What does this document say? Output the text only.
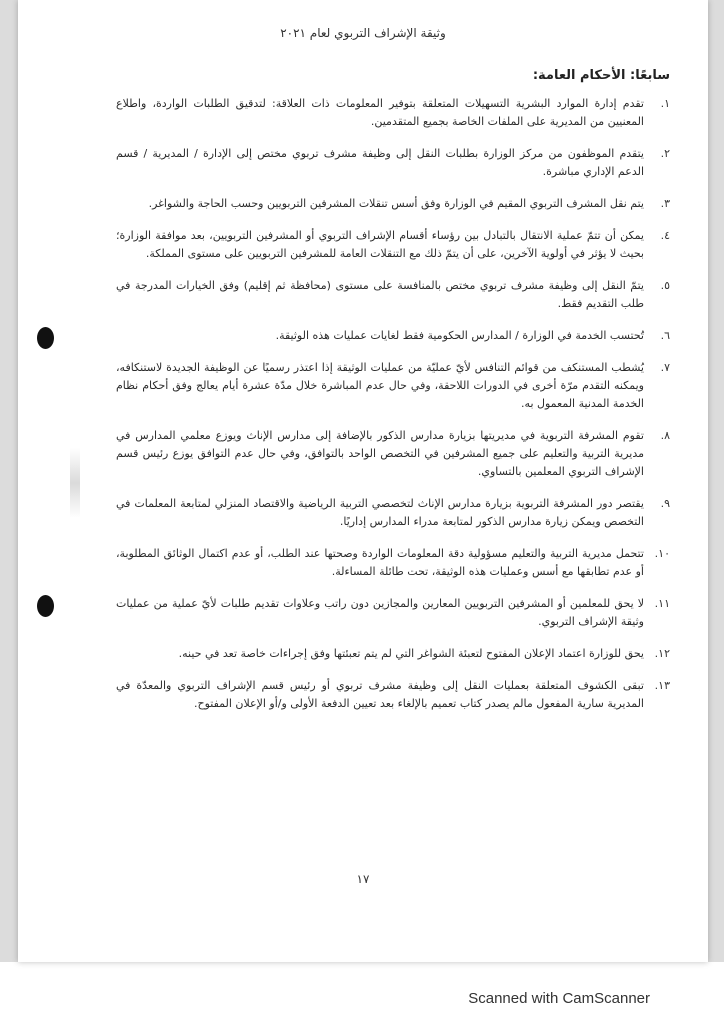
وثيقة الإشراف التربوي لعام ٢٠٢١
سابعًا: الأحكام العامة:
١.
تقدم إدارة الموارد البشرية التسهيلات المتعلقة بتوفير المعلومات ذات العلاقة: لتدقيق الطلبات الواردة، واطلاع المعنيين من المديرية على الملفات الخاصة بجميع المتقدمين.
٢.
يتقدم الموظفون من مركز الوزارة بطلبات النقل إلى وظيفة مشرف تربوي مختص إلى الإدارة / المديرية / قسم الدعم الإداري مباشرة.
٣.
يتم نقل المشرف التربوي المقيم في الوزارة وفق أسس تنقلات المشرفين التربويين وحسب الحاجة والشواغر.
٤.
يمكن أن تتمّ عملية الانتقال بالتبادل بين رؤساء أقسام الإشراف التربوي أو المشرفين التربويين، بعد موافقة الوزارة؛ بحيث لا يؤثر في أولوية الآخرين، على أن يتمّ ذلك مع التنقلات العامة للمشرفين التربويين على مستوى المملكة.
٥.
يتمّ النقل إلى وظيفة مشرف تربوي مختص بالمنافسة على مستوى (محافظة ثم إقليم) وفق الخيارات المدرجة في طلب التقديم فقط.
٦.
تُحتسب الخدمة في الوزارة / المدارس الحكومية فقط لغايات عمليات هذه الوثيقة.
٧.
يُشطب المستنكف من قوائم التنافس لأيّ عمليّة من عمليات الوثيقة إذا اعتذر رسميًا عن الوظيفة الجديدة لاستنكافه، ويمكنه التقدم مرّة أخرى في الدورات اللاحقة، وفي حال عدم المباشرة خلال مدّة عشرة أيام يعالج وفق أحكام نظام الخدمة المدنية المعمول به.
٨.
تقوم المشرفة التربوية في مديريتها بزيارة مدارس الذكور بالإضافة إلى مدارس الإناث ويوزع معلمي المدارس في مديرية التربية والتعليم على جميع المشرفين في التخصص الواحد بالتوافق، وفي حال عدم التوافق يوزع رئيس قسم الإشراف التربوي المعلمين بالتساوي.
٩.
يقتصر دور المشرفة التربوية بزيارة مدارس الإناث لتخصصي التربية الرياضية والاقتصاد المنزلي لمتابعة المعلمات في التخصص ويمكن زيارة مدارس الذكور لمتابعة مدراء المدارس إداريًا.
١٠.
تتحمل مديرية التربية والتعليم مسؤولية دقة المعلومات الواردة وصحتها عند الطلب، أو عدم اكتمال الوثائق المطلوبة، أو عدم تطابقها مع أسس وعمليات هذه الوثيقة، تحت طائلة المساءلة.
١١.
لا يحق للمعلمين أو المشرفين التربويين المعارين والمجازين دون راتب وعلاوات تقديم طلبات لأيّ عملية من عمليات وثيقة الإشراف التربوي.
١٢.
يحق للوزارة اعتماد الإعلان المفتوح لتعبئة الشواغر التي لم يتم تعبئتها وفق إجراءات خاصة تعد في حينه.
١٣.
تبقى الكشوف المتعلقة بعمليات النقل إلى وظيفة مشرف تربوي أو رئيس قسم الإشراف التربوي والمعدّة في المديرية سارية المفعول مالم يصدر كتاب تعميم بالإلغاء بعد تعيين الدفعة الأولى و/أو الإعلان المفتوح.
١٧
Scanned with CamScanner
